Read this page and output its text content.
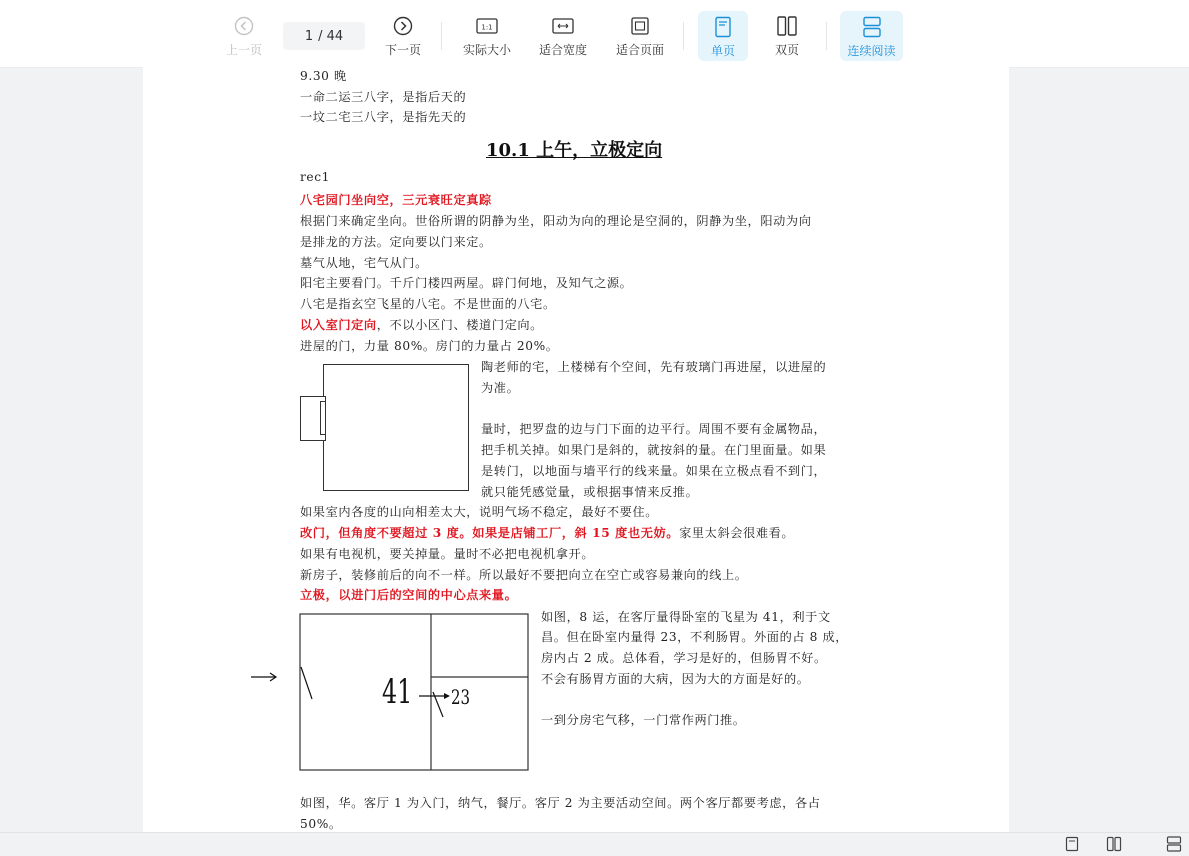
上一页
1 / 44
下一页
1:1
实际大小 适合宽度 适合页面	单页	双页	连续阅读
9.30 晚
一命二运三八字，是指后天的
一坟二宅三八字，是指先天的
10.1 上午，立极定向
rec1
八宅园门坐向空，三元衰旺定真踪
根据门来确定坐向。世俗所谓的阴静为坐，阳动为向的理论是空洞的，阴静为坐，阳动为向
是排龙的方法。定向要以门来定。
墓气从地，宅气从门。
阳宅主要看门。千斤门楼四两屋。辟门何地，及知气之源。
八宅是指玄空飞星的八宅。不是世面的八宅。
以入室门定向，不以小区门、楼道门定向。
进屋的门，力量 80%。房门的力量占 20%。
陶老师的宅，上楼梯有个空间，先有玻璃门再进屋，以进屋的
为准。
量时，把罗盘的边与门下面的边平行。周围不要有金属物品，
把手机关掉。如果门是斜的，就按斜的量。在门里面量。如果
是转门，以地面与墙平行的线来量。如果在立极点看不到门，
就只能凭感觉量，或根据事情来反推。
如果室内各度的山向相差太大，说明气场不稳定，最好不要住。
改门，但角度不要超过 3 度。如果是店铺工厂，斜 15 度也无妨。家里太斜会很难看。
如果有电视机，要关掉量。量时不必把电视机拿开。
新房子，装修前后的向不一样。所以最好不要把向立在空亡或容易兼向的线上。
立极，以进门后的空间的中心点来量。
41 23
如图，8 运，在客厅量得卧室的飞星为 41，利于文
昌。但在卧室内量得 23，不利肠胃。外面的占 8 成，
房内占 2 成。总体看，学习是好的，但肠胃不好。
不会有肠胃方面的大病，因为大的方面是好的。
一到分房宅气移，一门常作两门推。
如图，华。客厅 1 为入门，纳气，餐厅。客厅 2 为主要活动空间。两个客厅都要考虑，各占
50%。
